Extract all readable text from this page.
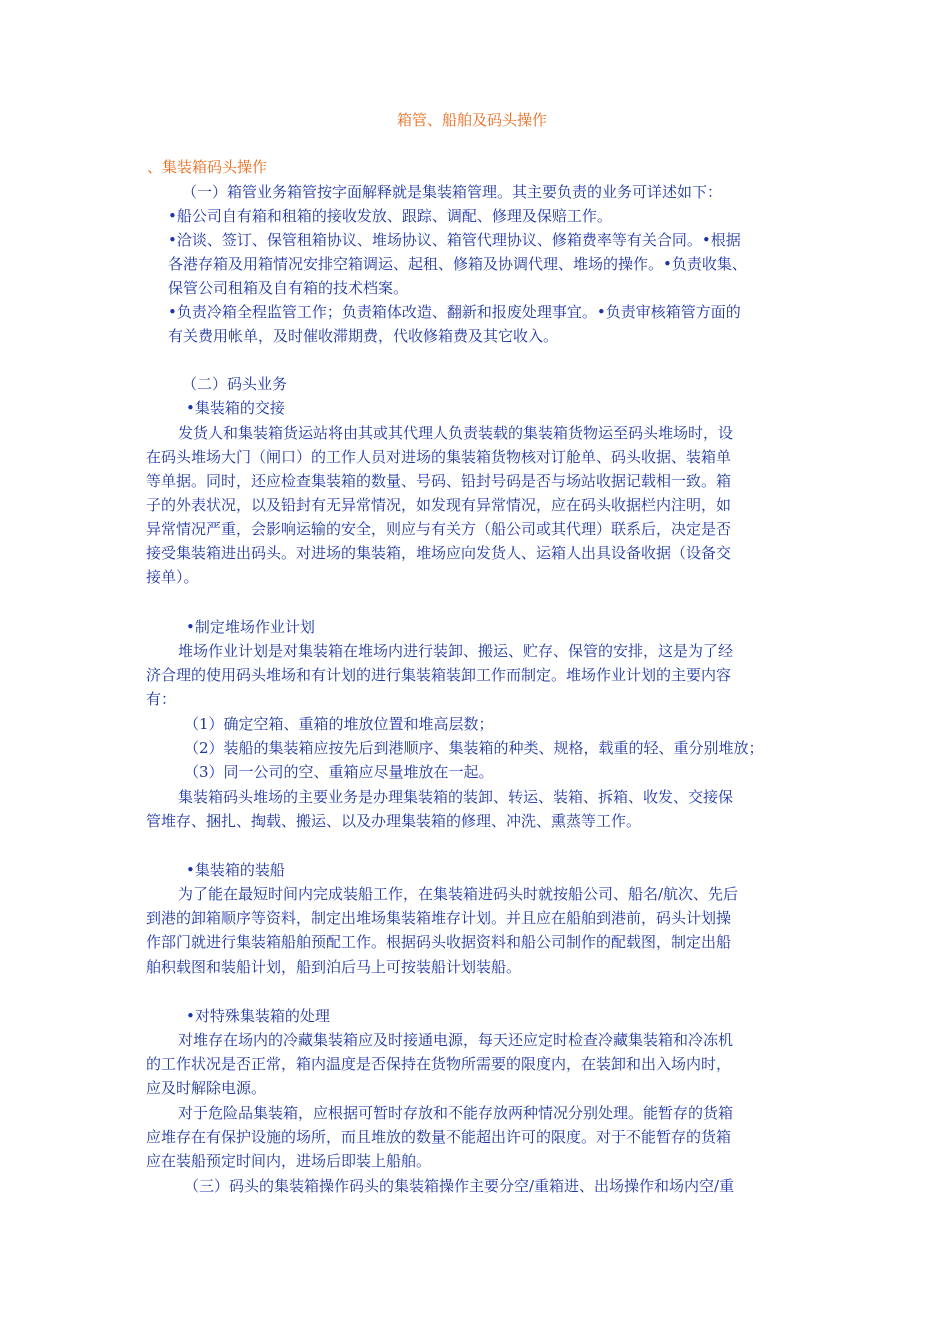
箱管、船舶及码头操作
、集装箱码头操作
（一）箱管业务箱管按字面解释就是集装箱管理。其主要负责的业务可详述如下：
•船公司自有箱和租箱的接收发放、跟踪、调配、修理及保赔工作。
•洽谈、签订、保管租箱协议、堆场协议、箱管代理协议、修箱费率等有关合同。•根据
各港存箱及用箱情况安排空箱调运、起租、修箱及协调代理、堆场的操作。•负责收集、
保管公司租箱及自有箱的技术档案。
•负责冷箱全程监管工作；负责箱体改造、翻新和报废处理事宜。•负责审核箱管方面的
有关费用帐单，及时催收滞期费，代收修箱费及其它收入。
（二）码头业务
•集装箱的交接
发货人和集装箱货运站将由其或其代理人负责装载的集装箱货物运至码头堆场时，设
在码头堆场大门（闸口）的工作人员对进场的集装箱货物核对订舱单、码头收据、装箱单
等单据。同时，还应检查集装箱的数量、号码、铅封号码是否与场站收据记载相一致。箱
子的外表状况，以及铅封有无异常情况，如发现有异常情况，应在码头收据栏内注明，如
异常情况严重，会影响运输的安全，则应与有关方（船公司或其代理）联系后，决定是否
接受集装箱进出码头。对进场的集装箱，堆场应向发货人、运箱人出具设备收据（设备交
接单）。
•制定堆场作业计划
堆场作业计划是对集装箱在堆场内进行装卸、搬运、贮存、保管的安排，这是为了经
济合理的使用码头堆场和有计划的进行集装箱装卸工作而制定。堆场作业计划的主要内容
有：
（1）确定空箱、重箱的堆放位置和堆高层数；
（2）装船的集装箱应按先后到港顺序、集装箱的种类、规格，载重的轻、重分别堆放；
（3）同一公司的空、重箱应尽量堆放在一起。
集装箱码头堆场的主要业务是办理集装箱的装卸、转运、装箱、拆箱、收发、交接保
管堆存、捆扎、掏载、搬运、以及办理集装箱的修理、冲洗、熏蒸等工作。
•集装箱的装船
为了能在最短时间内完成装船工作，在集装箱进码头时就按船公司、船名/航次、先后
到港的卸箱顺序等资料，制定出堆场集装箱堆存计划。并且应在船舶到港前，码头计划操
作部门就进行集装箱船舶预配工作。根据码头收据资料和船公司制作的配载图，制定出船
舶积载图和装船计划，船到泊后马上可按装船计划装船。
•对特殊集装箱的处理
对堆存在场内的冷藏集装箱应及时接通电源，每天还应定时检查冷藏集装箱和冷冻机
的工作状况是否正常，箱内温度是否保持在货物所需要的限度内，在装卸和出入场内时，
应及时解除电源。
对于危险品集装箱，应根据可暂时存放和不能存放两种情况分别处理。能暂存的货箱
应堆存在有保护设施的场所，而且堆放的数量不能超出许可的限度。对于不能暂存的货箱
应在装船预定时间内，进场后即装上船舶。
（三）码头的集装箱操作码头的集装箱操作主要分空/重箱进、出场操作和场内空/重
